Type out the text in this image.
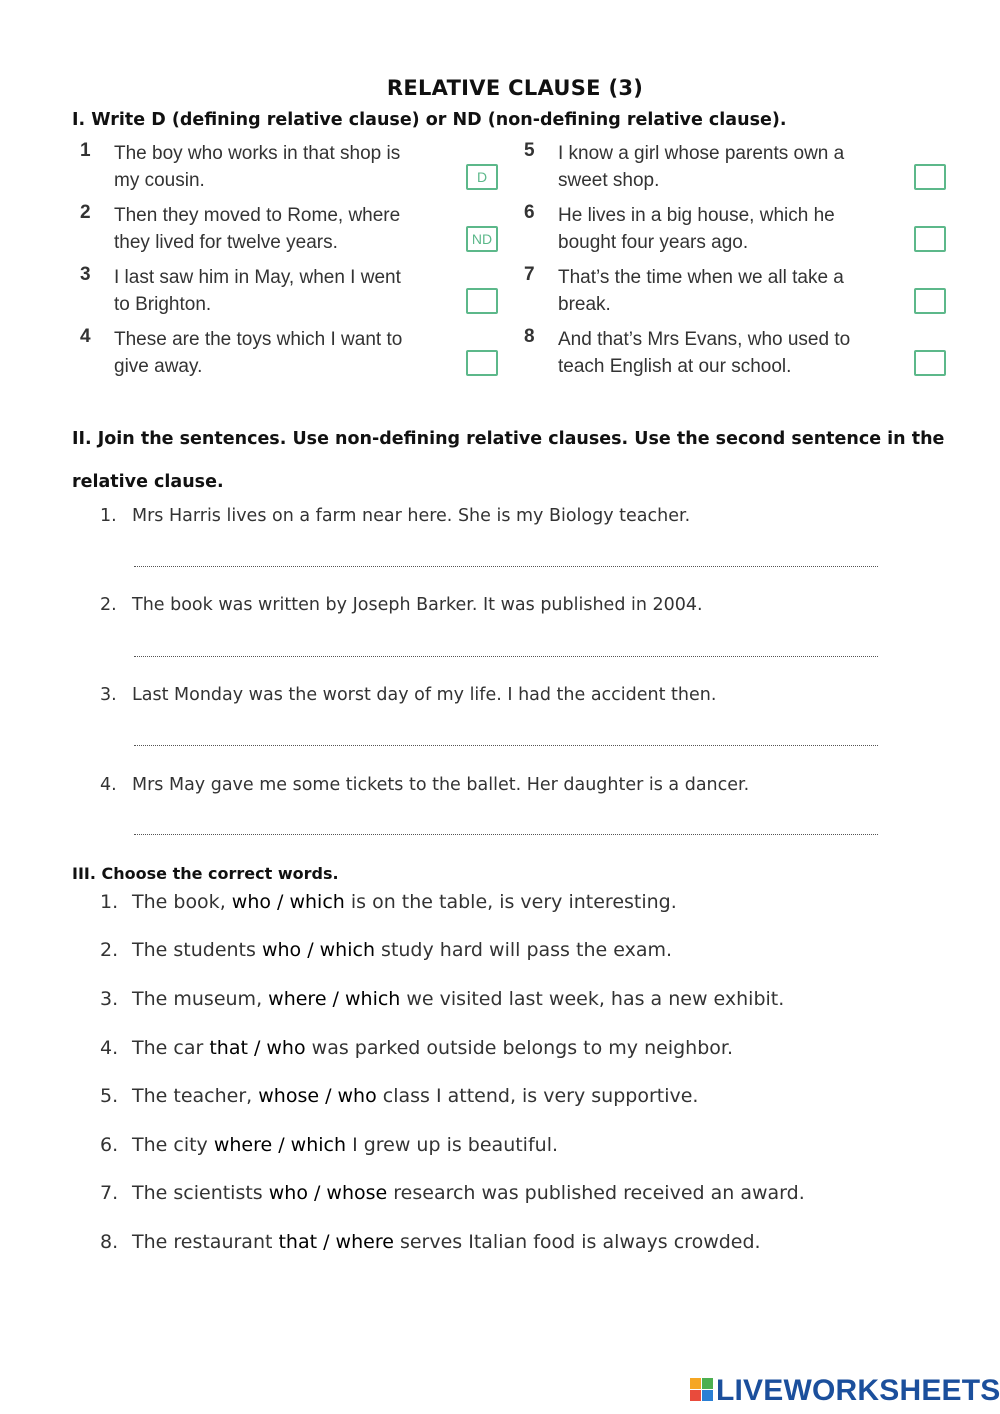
RELATIVE CLAUSE (3)
I. Write D (defining relative clause) or ND (non-defining relative clause).
1	The boy who works in that shop is
my cousin.	D
2	Then they moved to Rome, where
they lived for twelve years.	ND
3	I last saw him in May, when I went
to Brighton.
4	These are the toys which I want to
give away.
5	I know a girl whose parents own a
sweet shop.
6	He lives in a big house, which he
bought four years ago.
7	That’s the time when we all take a
break.
8	And that’s Mrs Evans, who used to
teach English at our school.
II. Join the sentences. Use non-defining relative clauses. Use the second sentence in the relative clause.
1. Mrs Harris lives on a farm near here. She is my Biology teacher.
2. The book was written by Joseph Barker. It was published in 2004.
3. Last Monday was the worst day of my life. I had the accident then.
4. Mrs May gave me some tickets to the ballet. Her daughter is a dancer.
III. Choose the correct words.
1. The book, who / which is on the table, is very interesting.
2. The students who / which study hard will pass the exam.
3. The museum, where / which we visited last week, has a new exhibit.
4. The car that / who was parked outside belongs to my neighbor.
5. The teacher, whose / who class I attend, is very supportive.
6. The city where / which I grew up is beautiful.
7. The scientists who / whose research was published received an award.
8. The restaurant that / where serves Italian food is always crowded.
LIVEWORKSHEETS
